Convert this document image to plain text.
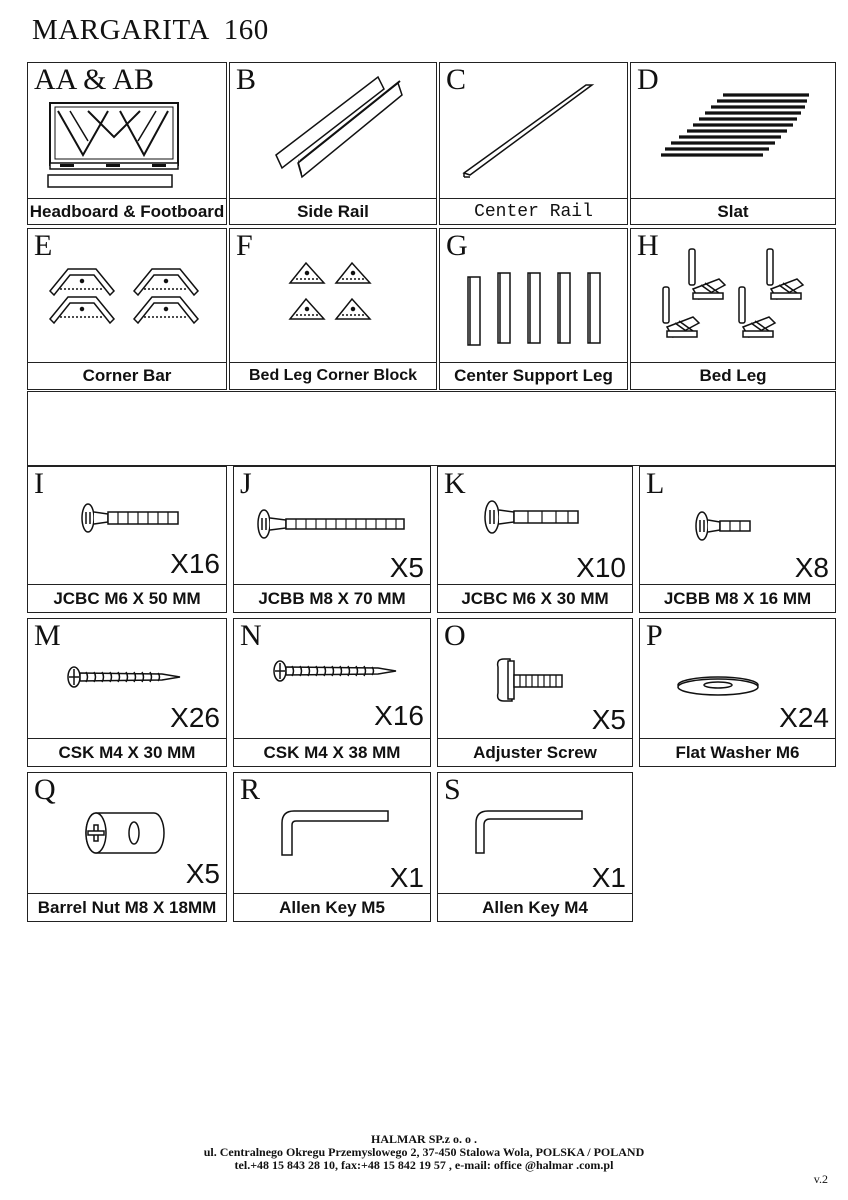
MARGARITA 160
AA & AB
Headboard & Footboard
B
Side Rail
C
Center Rail
D
Slat
E
Corner Bar
F
Bed Leg Corner Block
G
Center Support Leg
H
Bed Leg
I
X16
JCBC M6 X 50 MM
J
X5
JCBB M8 X 70 MM
K
X10
JCBC M6 X 30 MM
L
X8
JCBB M8 X 16 MM
M
X26
CSK M4 X 30 MM
N
X16
CSK M4 X 38 MM
O
X5
Adjuster Screw
P
X24
Flat Washer M6
Q
X5
Barrel Nut M8 X 18MM
R
X1
Allen Key M5
S
X1
Allen Key M4
HALMAR SP.z o. o .
ul. Centralnego Okregu Przemyslowego 2, 37-450 Stalowa Wola, POLSKA / POLAND
tel.+48 15 843 28 10, fax:+48 15 842 19 57 , e-mail: office @halmar .com.pl
v.2
